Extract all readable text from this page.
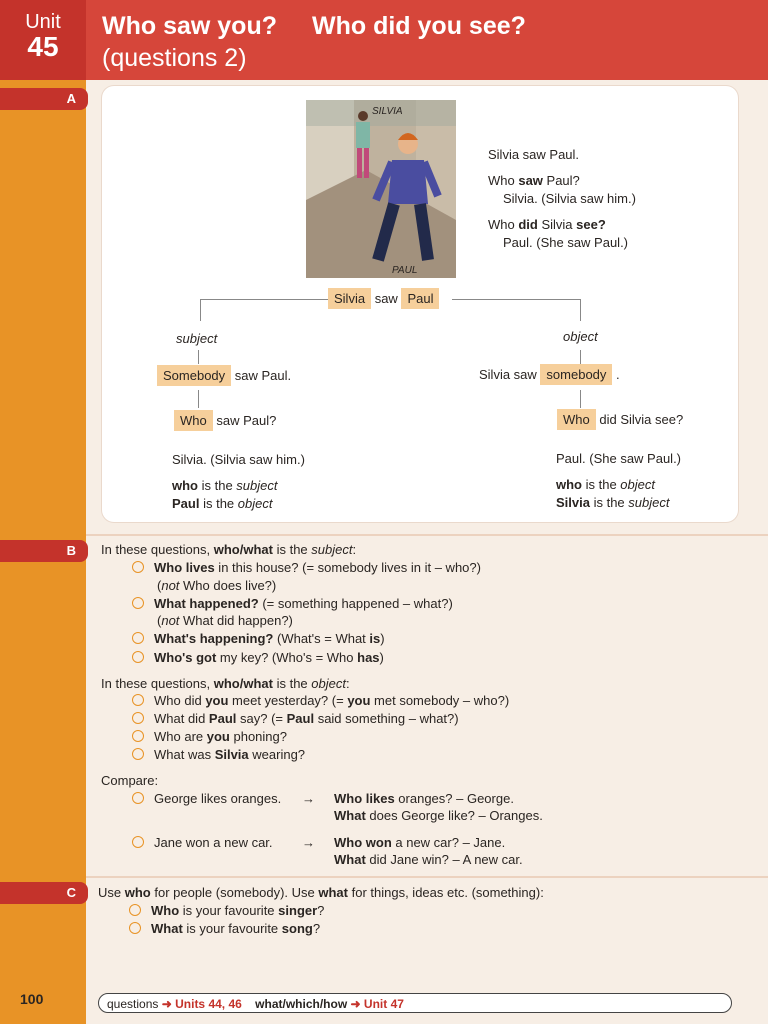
Unit
45
Who saw you? Who did you see?
(questions 2)
A
B
C
SILVIA
PAUL
Silvia saw Paul.
Who saw Paul?
Silvia. (Silvia saw him.)
Who did Silvia see?
Paul. (She saw Paul.)
Silvia saw Paul
subject	object
Somebody saw Paul.
Who saw Paul?
Silvia. (Silvia saw him.)
who is the subject
Paul is the object
Silvia saw somebody .
Who did Silvia see?
Paul. (She saw Paul.)
who is the object
Silvia is the subject
In these questions, who/what is the subject:
Who lives in this house? (= somebody lives in it – who?)
(not Who does live?)
What happened? (= something happened – what?)
(not What did happen?)
What's happening? (What's = What is)
Who's got my key? (Who's = Who has)
In these questions, who/what is the object:
Who did you meet yesterday? (= you met somebody – who?)
What did Paul say? (= Paul said something – what?)
Who are you phoning?
What was Silvia wearing?
Compare:
George likes oranges. → Who likes oranges? – George.
What does George like? – Oranges.
Jane won a new car. → Who won a new car? – Jane.
What did Jane win? – A new car.
Use who for people (somebody). Use what for things, ideas etc. (something):
Who is your favourite singer?
What is your favourite song?
100	questions ➜ Units 44, 46 what/which/how ➜ Unit 47
